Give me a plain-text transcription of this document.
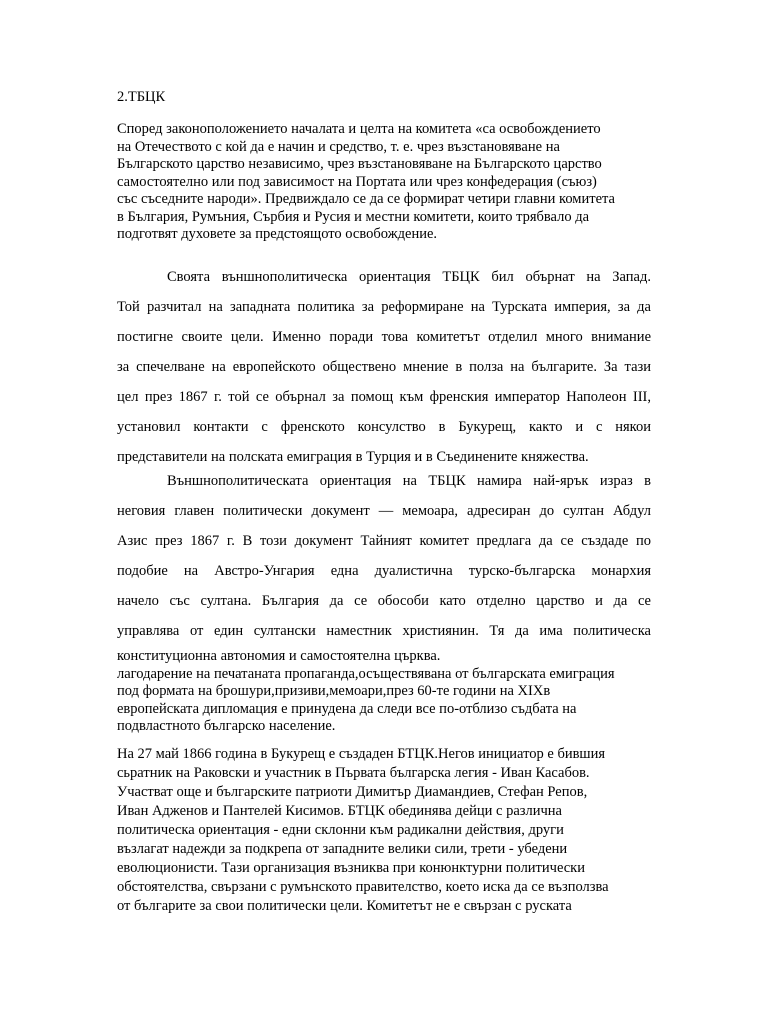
2.ТБЦК
Според законоположението началата и целта на комитета «са освобождението
на Отечеството с кой да е начин и средство, т. е. чрез възстановяване на
Българското царство независимо, чрез възстановяване на Българското царство
самостоятелно или под зависимост на Портата или чрез конфедерация (съюз)
със съседните народи». Предвиждало се да се формират четири главни комитета
в България, Румъния, Сърбия и Русия и местни комитети, които трябвало да
подготвят духовете за предстоящото освобождение.
Своята външнополитическа ориентация ТБЦК бил обърнат на Запад.
Той разчитал на западната политика за реформиране на Турската империя, за да
постигне своите цели. Именно поради това комитетът отделил много внимание
за спечелване на европейското обществено мнение в полза на българите. За тази
цел през 1867 г. той се обърнал за помощ към френския император Наполеон III,
установил контакти с френското консулство в Букурещ, както и с някои
представители на полската емиграция в Турция и в Съединените княжества.
Външнополитическата ориентация на ТБЦК намира най-ярък израз в
неговия главен политически документ — мемоара, адресиран до султан Абдул
Азис през 1867 г. В този документ Тайният комитет предлага да се създаде по
подобие на Австро-Унгария една дуалистична турско-българска монархия
начело със султана. България да се обособи като отделно царство и да се
управлява от един султански наместник християнин. Тя да има политическа
конституционна автономия и самостоятелна църква.
лагодарение на печатаната пропаганда,осъществявана от българската емиграция
под формата на брошури,призиви,мемоари,през 60-те години на XIXв
европейската дипломация е принудена да следи все по-отблизо съдбата на
подвластното българско население.
На 27 май 1866 година в Букурещ е създаден БТЦК.Негов инициатор е бившия
сьратник на Раковски и участник в Първата българска легия - Иван Касабов.
Участват още и българските патриоти Димитър Диамандиев, Стефан Репов,
Иван Адженов и Пантелей Кисимов. БТЦК обединява дейци с различна
политическа ориентация - едни склонни към радикални действия, други
възлагат надежди за подкрепа от западните велики сили, трети - убедени
еволюционисти. Тази организация възниква при конюнктурни политически
обстоятелства, свързани с румънското правителство, което иска да се възползва
от българите за свои политически цели. Комитетът не е свързан с руската
